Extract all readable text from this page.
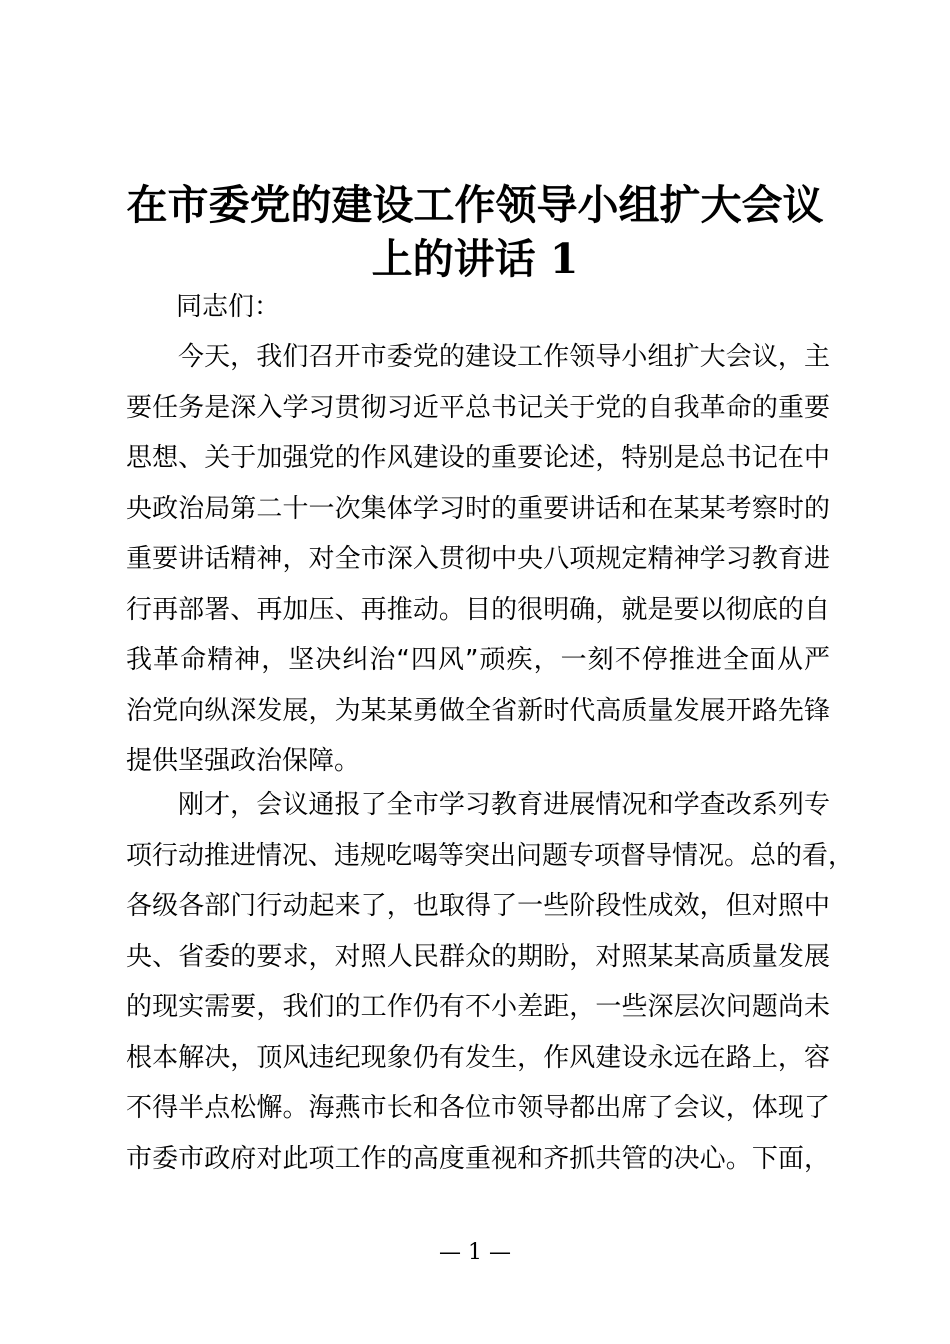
在市委党的建设工作领导小组扩大会议
上的讲话 1
同志们：
今天，我们召开市委党的建设工作领导小组扩大会议，主
要任务是深入学习贯彻习近平总书记关于党的自我革命的重要
思想、关于加强党的作风建设的重要论述，特别是总书记在中
央政治局第二十一次集体学习时的重要讲话和在某某考察时的
重要讲话精神，对全市深入贯彻中央八项规定精神学习教育进
行再部署、再加压、再推动。目的很明确，就是要以彻底的自
我革命精神，坚决纠治“四风”顽疾，一刻不停推进全面从严
治党向纵深发展，为某某勇做全省新时代高质量发展开路先锋
提供坚强政治保障。
刚才，会议通报了全市学习教育进展情况和学查改系列专
项行动推进情况、违规吃喝等突出问题专项督导情况。总的看，
各级各部门行动起来了，也取得了一些阶段性成效，但对照中
央、省委的要求，对照人民群众的期盼，对照某某高质量发展
的现实需要，我们的工作仍有不小差距，一些深层次问题尚未
根本解决，顶风违纪现象仍有发生，作风建设永远在路上，容
不得半点松懈。海燕市长和各位市领导都出席了会议，体现了
市委市政府对此项工作的高度重视和齐抓共管的决心。下面，
— 1 —
